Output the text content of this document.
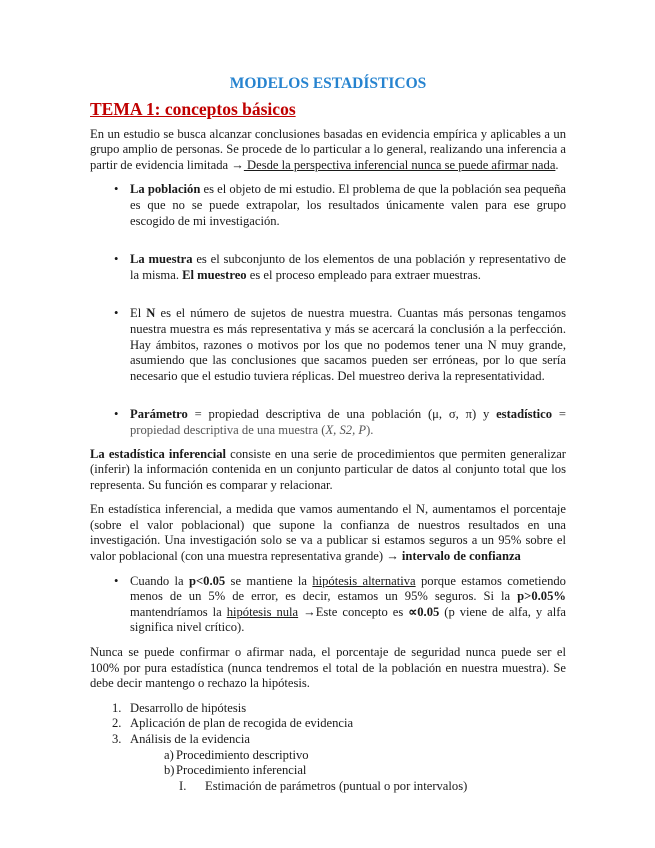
MODELOS ESTADÍSTICOS
TEMA 1: conceptos básicos

En un estudio se busca alcanzar conclusiones basadas en evidencia empírica y aplicables a un grupo amplio de personas. Se procede de lo particular a lo general, realizando una inferencia a partir de evidencia limitada → Desde la perspectiva inferencial nunca se puede afirmar nada.

• La población es el objeto de mi estudio. El problema de que la población sea pequeña es que no se puede extrapolar, los resultados únicamente valen para ese grupo escogido de mi investigación.
• La muestra es el subconjunto de los elementos de una población y representativo de la misma. El muestreo es el proceso empleado para extraer muestras.
• El N es el número de sujetos de nuestra muestra. Cuantas más personas tengamos nuestra muestra es más representativa y más se acercará la conclusión a la perfección. Hay ámbitos, razones o motivos por los que no podemos tener una N muy grande, asumiendo que las conclusiones que sacamos pueden ser erróneas, por lo que sería necesario que el estudio tuviera réplicas. Del muestreo deriva la representatividad.
• Parámetro = propiedad descriptiva de una población (μ, σ, π) y estadístico = propiedad descriptiva de una muestra (X, S2, P).

La estadística inferencial consiste en una serie de procedimientos que permiten generalizar (inferir) la información contenida en un conjunto particular de datos al conjunto total que los representa. Su función es comparar y relacionar.

En estadística inferencial, a medida que vamos aumentando el N, aumentamos el porcentaje (sobre el valor poblacional) que supone la confianza de nuestros resultados en una investigación. Una investigación solo se va a publicar si estamos seguros a un 95% sobre el valor poblacional (con una muestra representativa grande) → intervalo de confianza

• Cuando la p<0.05 se mantiene la hipótesis alternativa porque estamos cometiendo menos de un 5% de error, es decir, estamos un 95% seguros. Si la p>0.05% mantendríamos la hipótesis nula →Este concepto es ∝0.05 (p viene de alfa, y alfa significa nivel crítico).

Nunca se puede confirmar o afirmar nada, el porcentaje de seguridad nunca puede ser el 100% por pura estadística (nunca tendremos el total de la población en nuestra muestra). Se debe decir mantengo o rechazo la hipótesis.

1. Desarrollo de hipótesis
2. Aplicación de plan de recogida de evidencia
3. Análisis de la evidencia
a) Procedimiento descriptivo
b) Procedimiento inferencial
I. Estimación de parámetros (puntual o por intervalos)
